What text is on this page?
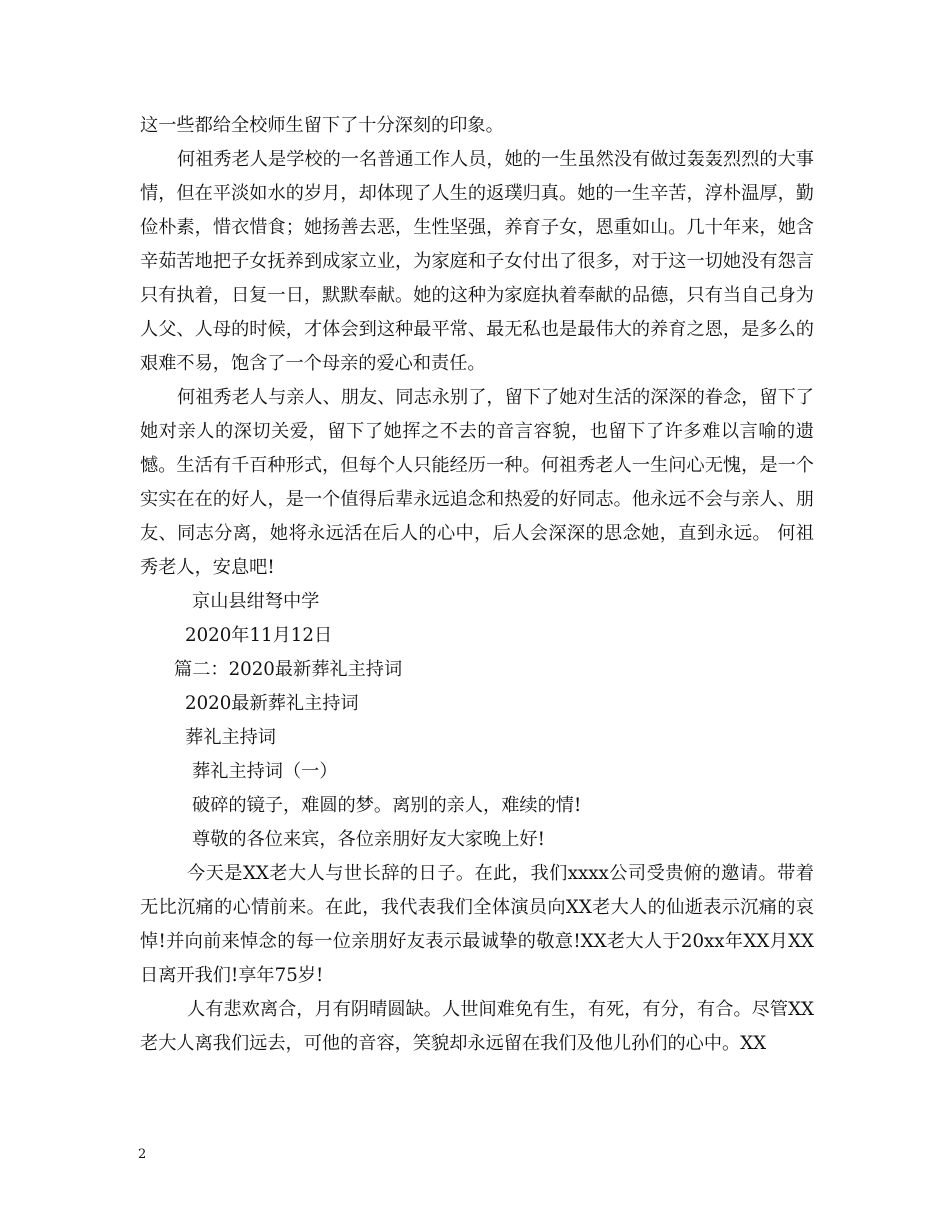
这一些都给全校师生留下了十分深刻的印象。

何祖秀老人是学校的一名普通工作人员，她的一生虽然没有做过轰轰烈烈的大事情，但在平淡如水的岁月，却体现了人生的返璞归真。她的一生辛苦，淳朴温厚，勤俭朴素，惜衣惜食；她扬善去恶，生性坚强，养育子女，恩重如山。几十年来，她含辛茹苦地把子女抚养到成家立业，为家庭和子女付出了很多，对于这一切她没有怨言只有执着，日复一日，默默奉献。她的这种为家庭执着奉献的品德，只有当自己身为人父、人母的时候，才体会到这种最平常、最无私也是最伟大的养育之恩，是多么的艰难不易，饱含了一个母亲的爱心和责任。

何祖秀老人与亲人、朋友、同志永别了，留下了她对生活的深深的眷念，留下了她对亲人的深切关爱，留下了她挥之不去的音言容貌，也留下了许多难以言喻的遗憾。生活有千百种形式，但每个人只能经历一种。何祖秀老人一生问心无愧，是一个实实在在的好人，是一个值得后辈永远追念和热爱的好同志。他永远不会与亲人、朋友、同志分离，她将永远活在后人的心中，后人会深深的思念她，直到永远。 何祖秀老人，安息吧!

京山县绀弩中学

2020年11月12日

篇二：2020最新葬礼主持词

2020最新葬礼主持词

葬礼主持词

葬礼主持词（一）

破碎的镜子，难圆的梦。离别的亲人，难续的情!

尊敬的各位来宾，各位亲朋好友大家晚上好!

今天是XX老大人与世长辞的日子。在此，我们xxxx公司受贵俯的邀请。带着无比沉痛的心情前来。在此，我代表我们全体演员向XX老大人的仙逝表示沉痛的哀悼!并向前来悼念的每一位亲朋好友表示最诚挚的敬意!XX老大人于20xx年XX月XX日离开我们!享年75岁!

人有悲欢离合，月有阴晴圆缺。人世间难免有生，有死，有分，有合。尽管XX老大人离我们远去，可他的音容，笑貌却永远留在我们及他儿孙们的心中。XX

2
